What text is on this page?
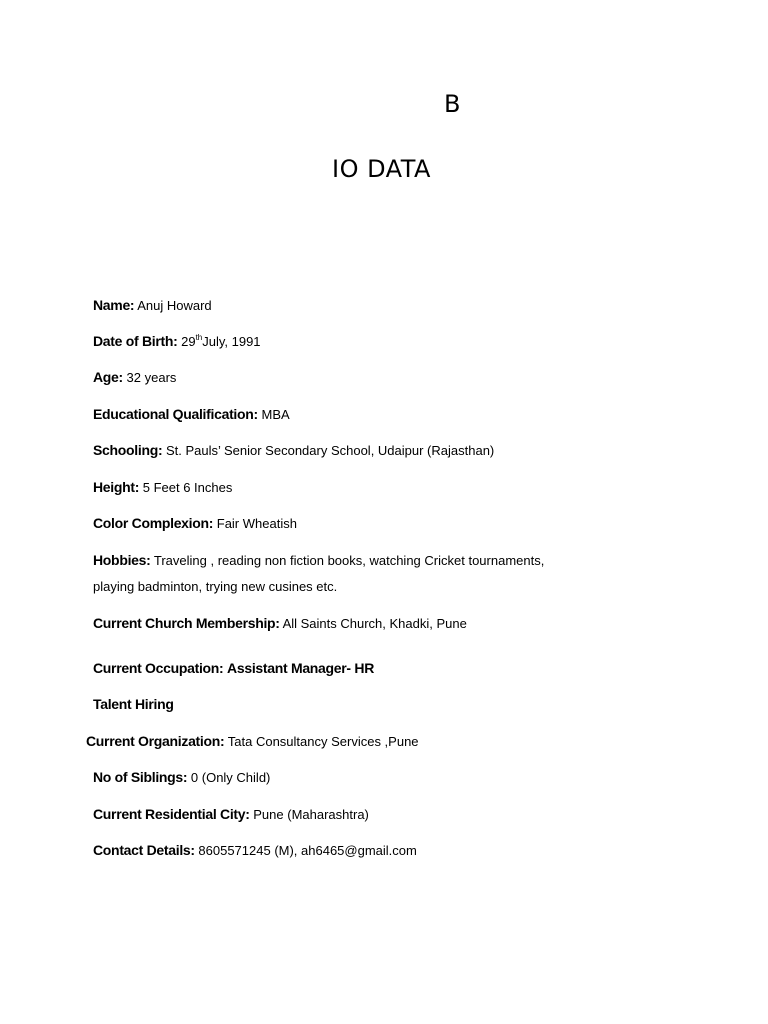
B
IO DATA
Name: Anuj Howard
Date of Birth: 29thJuly, 1991
Age: 32 years
Educational Qualification: MBA
Schooling: St. Pauls’ Senior Secondary School, Udaipur (Rajasthan)
Height: 5 Feet 6 Inches
Color Complexion: Fair Wheatish
Hobbies: Traveling , reading non fiction books, watching Cricket tournaments,
playing badminton, trying new cusines etc.
Current Church Membership: All Saints Church, Khadki, Pune
Current Occupation: Assistant Manager- HR
Talent Hiring
Current Organization: Tata Consultancy Services ,Pune
No of Siblings: 0 (Only Child)
Current Residential City: Pune (Maharashtra)
Contact Details: 8605571245 (M), ah6465@gmail.com
